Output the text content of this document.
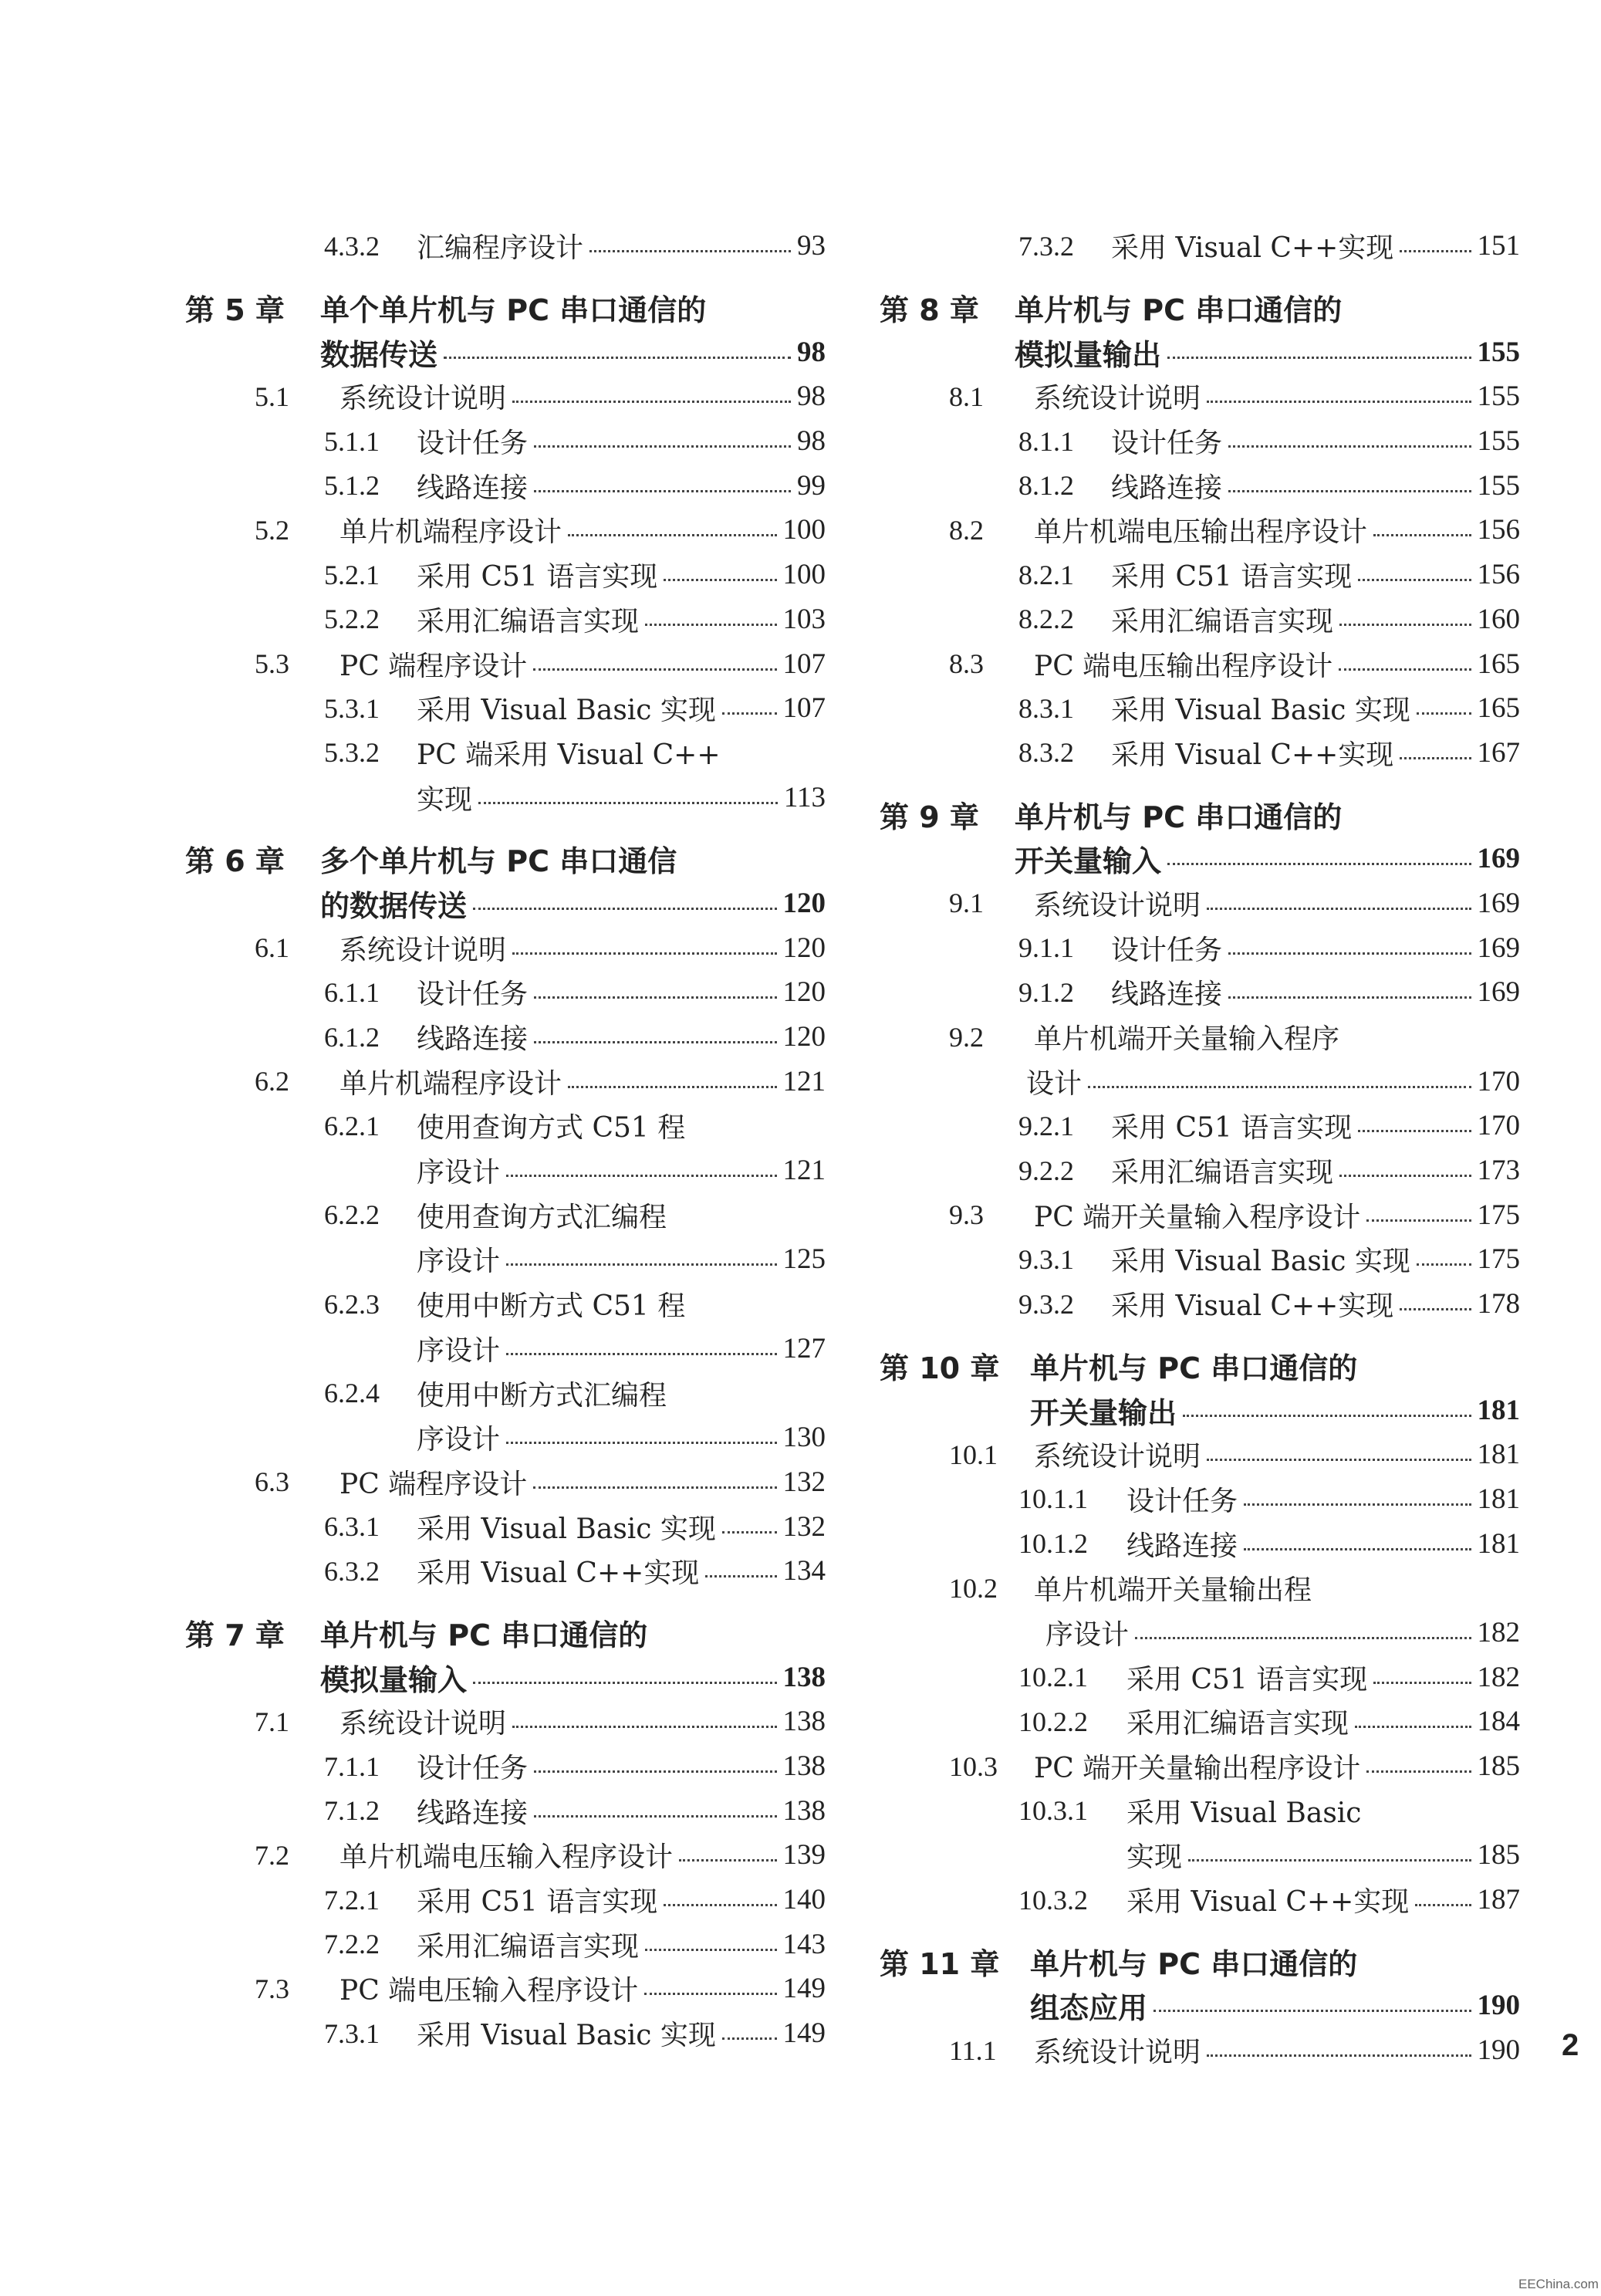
4.3.2	汇编程序设计	93
第 5 章	单个单片机与 PC 串口通信的
数据传送	98
5.1	系统设计说明	98
5.1.1	设计任务	98
5.1.2	线路连接	99
5.2	单片机端程序设计	100
5.2.1	采用 C51 语言实现	100
5.2.2	采用汇编语言实现	103
5.3	PC 端程序设计	107
5.3.1	采用 Visual Basic 实现 107
5.3.2	PC 端采用 Visual C++
实现	113
第 6 章	多个单片机与 PC 串口通信
的数据传送	120
6.1	系统设计说明	120
6.1.1	设计任务	120
6.1.2	线路连接	120
6.2	单片机端程序设计	121
6.2.1	使用查询方式 C51 程
序设计	121
6.2.2	使用查询方式汇编程
序设计	125
6.2.3	使用中断方式 C51 程
序设计	127
6.2.4	使用中断方式汇编程
序设计	130
6.3	PC 端程序设计	132
6.3.1	采用 Visual Basic 实现 132
6.3.2	采用 Visual C++实现	134
第 7 章	单片机与 PC 串口通信的
模拟量输入	138
7.1	系统设计说明	138
7.1.1	设计任务	138
7.1.2	线路连接	138
7.2	单片机端电压输入程序设计	139
7.2.1	采用 C51 语言实现	140
7.2.2	采用汇编语言实现	143
7.3	PC 端电压输入程序设计	149
7.3.1	采用 Visual Basic 实现 149
7.3.2	采用 Visual C++实现	151
第 8 章	单片机与 PC 串口通信的
模拟量输出	155
8.1	系统设计说明	155
8.1.1	设计任务	155
8.1.2	线路连接	155
8.2	单片机端电压输出程序设计	156
8.2.1	采用 C51 语言实现	156
8.2.2	采用汇编语言实现	160
8.3	PC 端电压输出程序设计	165
8.3.1	采用 Visual Basic 实现 165
8.3.2	采用 Visual C++实现	167
第 9 章	单片机与 PC 串口通信的
开关量输入	169
9.1	系统设计说明	169
9.1.1	设计任务	169
9.1.2	线路连接	169
9.2	单片机端开关量输入程序
设计	170
9.2.1	采用 C51 语言实现	170
9.2.2	采用汇编语言实现	173
9.3	PC 端开关量输入程序设计	175
9.3.1	采用 Visual Basic 实现 175
9.3.2	采用 Visual C++实现	178
第 10 章	单片机与 PC 串口通信的
开关量输出	181
10.1	系统设计说明	181
10.1.1	设计任务	181
10.1.2	线路连接	181
10.2	单片机端开关量输出程
序设计	182
10.2.1	采用 C51 语言实现	182
10.2.2	采用汇编语言实现	184
10.3	PC 端开关量输出程序设计	185
10.3.1	采用 Visual Basic
实现	185
10.3.2	采用 Visual C++实现 187
第 11 章	单片机与 PC 串口通信的
组态应用	190
11.1	系统设计说明	190 2
EEChina.com
